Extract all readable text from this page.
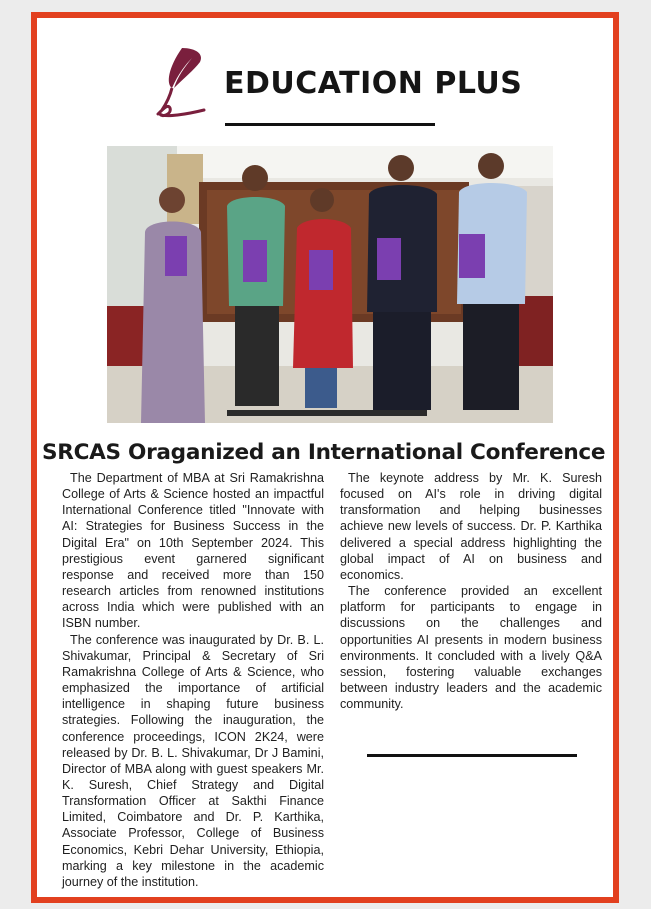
EDUCATION PLUS
SRCAS Oraganized an International Conference

The Department of MBA at Sri Ramakrishna College of Arts & Science hosted an impactful International Conference titled "Innovate with AI: Strategies for Business Success in the Digital Era" on 10th September 2024. This prestigious event garnered significant response and received more than 150 research articles from renowned institutions across India which were published with an ISBN number.

The conference was inaugurated by Dr. B. L. Shivakumar, Principal & Secretary of Sri Ramakrishna College of Arts & Science, who emphasized the importance of artificial intelligence in shaping future business strategies. Following the inauguration, the conference proceedings, ICON 2K24, were released by Dr. B. L. Shivakumar, Dr J Bamini, Director of MBA along with guest speakers Mr. K. Suresh, Chief Strategy and Digital Transformation Officer at Sakthi Finance Limited, Coimbatore and Dr. P. Karthika, Associate Professor, College of Business Economics, Kebri Dehar University, Ethiopia, marking a key milestone in the academic journey of the institution.

The keynote address by Mr. K. Suresh focused on AI's role in driving digital transformation and helping businesses achieve new levels of success. Dr. P. Karthika delivered a special address highlighting the global impact of AI on business and economics.

The conference provided an excellent platform for participants to engage in discussions on the challenges and opportunities AI presents in modern business environments. It concluded with a lively Q&A session, fostering valuable exchanges between industry leaders and the academic community.
